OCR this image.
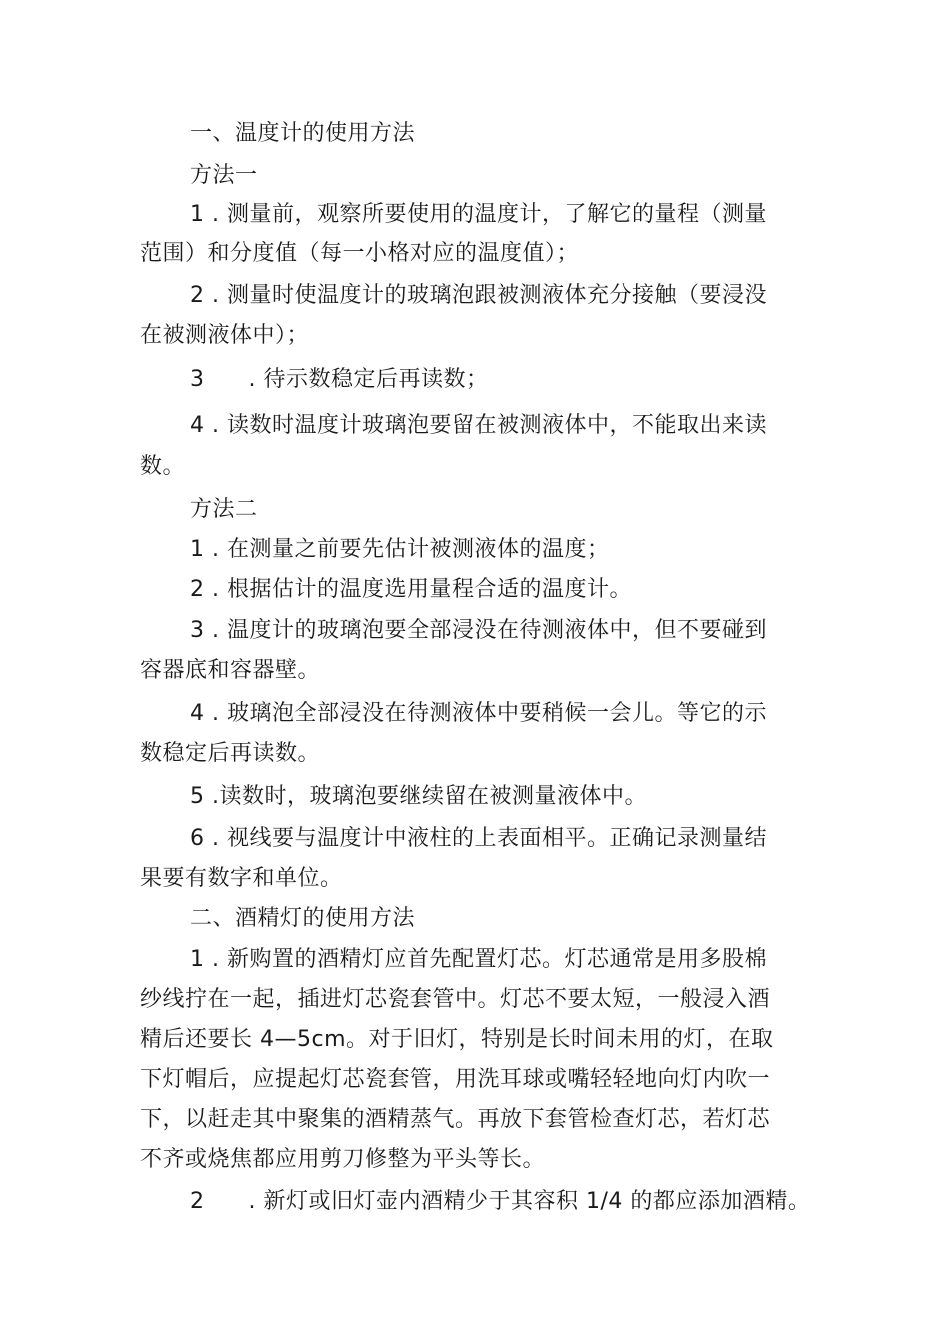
一、温度计的使用方法
方法一
1 . 测量前，观察所要使用的温度计，了解它的量程（测量
范围）和分度值（每一小格对应的温度值）；
2 . 测量时使温度计的玻璃泡跟被测液体充分接触（要浸没
在被测液体中）；
3 . 待示数稳定后再读数；
4 . 读数时温度计玻璃泡要留在被测液体中，不能取出来读
数。
方法二
1 . 在测量之前要先估计被测液体的温度；
2 . 根据估计的温度选用量程合适的温度计。
3 . 温度计的玻璃泡要全部浸没在待测液体中，但不要碰到
容器底和容器壁。
4 . 玻璃泡全部浸没在待测液体中要稍候一会儿。等它的示
数稳定后再读数。
5 .读数时，玻璃泡要继续留在被测量液体中。
6 . 视线要与温度计中液柱的上表面相平。正确记录测量结
果要有数字和单位。
二、酒精灯的使用方法
1 . 新购置的酒精灯应首先配置灯芯。灯芯通常是用多股棉
纱线拧在一起，插进灯芯瓷套管中。灯芯不要太短，一般浸入酒
精后还要长 4—5cm。对于旧灯，特别是长时间未用的灯，在取
下灯帽后，应提起灯芯瓷套管，用洗耳球或嘴轻轻地向灯内吹一
下，以赶走其中聚集的酒精蒸气。再放下套管检查灯芯，若灯芯
不齐或烧焦都应用剪刀修整为平头等长。
2 . 新灯或旧灯壶内酒精少于其容积 1/4 的都应添加酒精。
